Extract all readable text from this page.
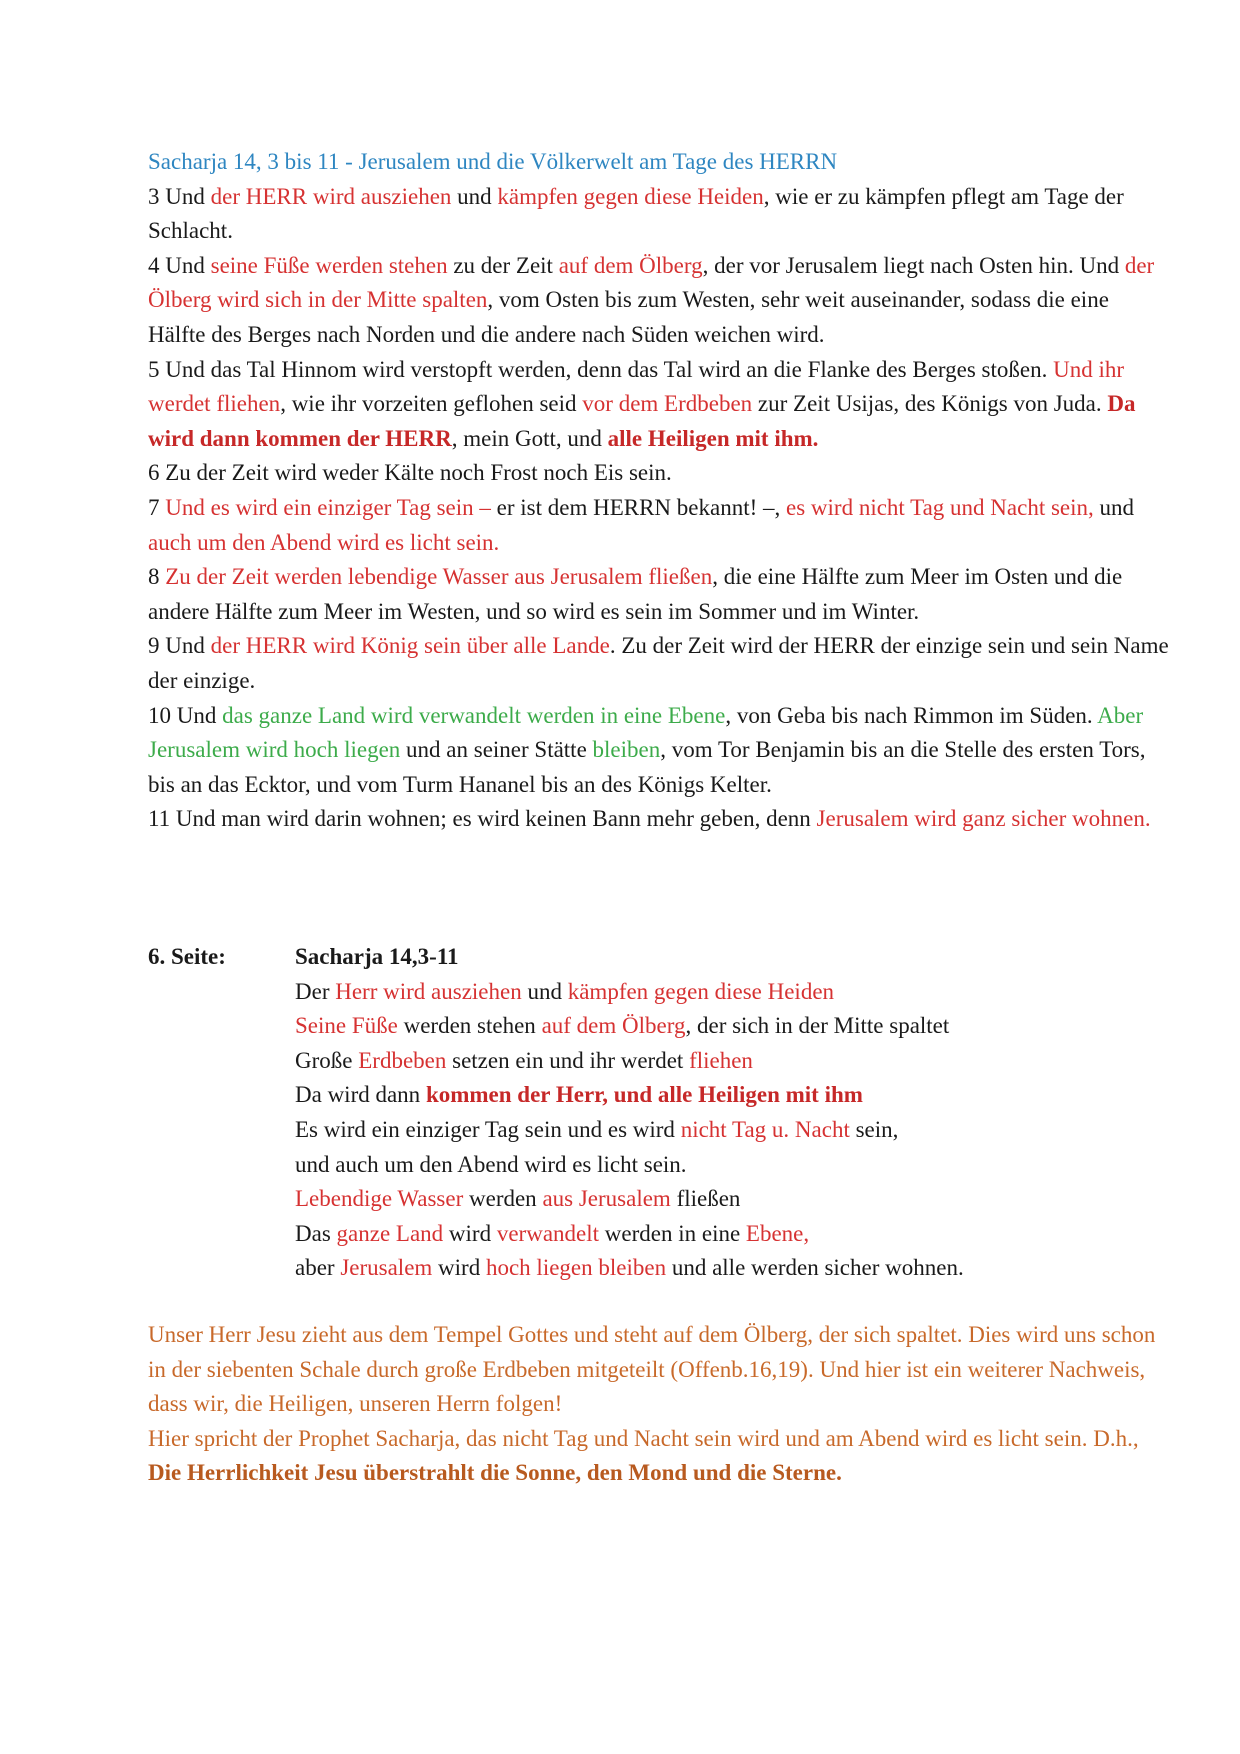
Sacharja 14, 3 bis 11 - Jerusalem und die Völkerwelt am Tage des HERRN

3 Und der HERR wird ausziehen und kämpfen gegen diese Heiden, wie er zu kämpfen pflegt am Tage der Schlacht.

4 Und seine Füße werden stehen zu der Zeit auf dem Ölberg, der vor Jerusalem liegt nach Osten hin. Und der Ölberg wird sich in der Mitte spalten, vom Osten bis zum Westen, sehr weit auseinander, sodass die eine Hälfte des Berges nach Norden und die andere nach Süden weichen wird.

5 Und das Tal Hinnom wird verstopft werden, denn das Tal wird an die Flanke des Berges stoßen. Und ihr werdet fliehen, wie ihr vorzeiten geflohen seid vor dem Erdbeben zur Zeit Usijas, des Königs von Juda. Da wird dann kommen der HERR, mein Gott, und alle Heiligen mit ihm.

6 Zu der Zeit wird weder Kälte noch Frost noch Eis sein.

7 Und es wird ein einziger Tag sein – er ist dem HERRN bekannt! –, es wird nicht Tag und Nacht sein, und auch um den Abend wird es licht sein.

8 Zu der Zeit werden lebendige Wasser aus Jerusalem fließen, die eine Hälfte zum Meer im Osten und die andere Hälfte zum Meer im Westen, und so wird es sein im Sommer und im Winter.

9 Und der HERR wird König sein über alle Lande. Zu der Zeit wird der HERR der einzige sein und sein Name der einzige.

10 Und das ganze Land wird verwandelt werden in eine Ebene, von Geba bis nach Rimmon im Süden. Aber Jerusalem wird hoch liegen und an seiner Stätte bleiben, vom Tor Benjamin bis an die Stelle des ersten Tors, bis an das Ecktor, und vom Turm Hananel bis an des Königs Kelter.

11 Und man wird darin wohnen; es wird keinen Bann mehr geben, denn Jerusalem wird ganz sicher wohnen.

6. Seite:	Sacharja 14,3-11

Der Herr wird ausziehen und kämpfen gegen diese Heiden

Seine Füße werden stehen auf dem Ölberg, der sich in der Mitte spaltet

Große Erdbeben setzen ein und ihr werdet fliehen

Da wird dann kommen der Herr, und alle Heiligen mit ihm

Es wird ein einziger Tag sein und es wird nicht Tag u. Nacht sein,

und auch um den Abend wird es licht sein.

Lebendige Wasser werden aus Jerusalem fließen

Das ganze Land wird verwandelt werden in eine Ebene,

aber Jerusalem wird hoch liegen bleiben und alle werden sicher wohnen.

Unser Herr Jesu zieht aus dem Tempel Gottes und steht auf dem Ölberg, der sich spaltet. Dies wird uns schon in der siebenten Schale durch große Erdbeben mitgeteilt (Offenb.16,19). Und hier ist ein weiterer Nachweis, dass wir, die Heiligen, unseren Herrn folgen!

Hier spricht der Prophet Sacharja, das nicht Tag und Nacht sein wird und am Abend wird es licht sein. D.h., Die Herrlichkeit Jesu überstrahlt die Sonne, den Mond und die Sterne.
